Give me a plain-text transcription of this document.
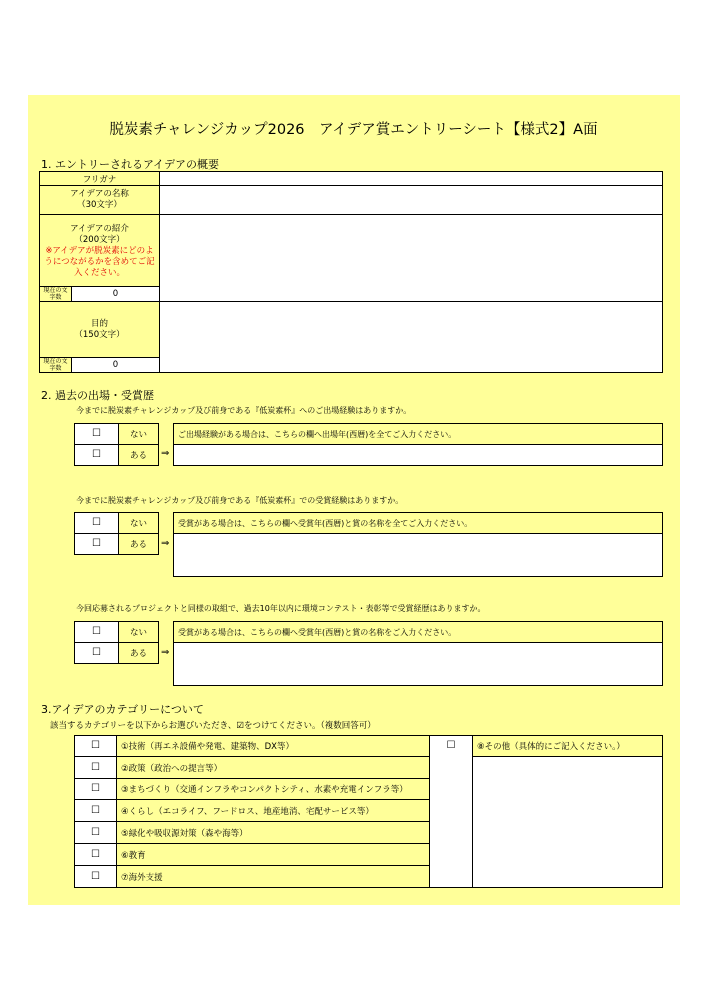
脱炭素チャレンジカップ2026　アイデア賞エントリーシート【様式2】A面
1. エントリーされるアイデアの概要
フリガナ
アイデアの名称
（30文字）
アイデアの紹介
（200文字）
※アイデアが脱炭素にどのようにつながるかを含めてご記入ください。
現在の文字数	0
目的
（150文字）
現在の文字数	0
2. 過去の出場・受賞歴
今までに脱炭素チャレンジカップ及び前身である『低炭素杯』へのご出場経験はありますか。
☐	ない
☐	ある	⇒
ご出場経験がある場合は、こちらの欄へ出場年(西暦)を全てご入力ください。
今までに脱炭素チャレンジカップ及び前身である『低炭素杯』での受賞経験はありますか。
☐	ない
☐	ある	⇒
受賞がある場合は、こちらの欄へ受賞年(西暦)と賞の名称を全てご入力ください。
今回応募されるプロジェクトと同様の取組で、過去10年以内に環境コンテスト・表彰等で受賞経歴はありますか。
☐	ない
☐	ある	⇒
受賞がある場合は、こちらの欄へ受賞年(西暦)と賞の名称をご入力ください。
3.アイデアのカテゴリーについて
該当するカテゴリーを以下からお選びいただき、☑をつけてください。（複数回答可）
☐	①技術（再エネ設備や発電、建築物、DX等）
☐	②政策（政治への提言等）
☐	③まちづくり（交通インフラやコンパクトシティ、水素や充電インフラ等）
☐	④くらし（エコライフ、フードロス、地産地消、宅配サービス等）
☐	⑤緑化や吸収源対策（森や海等）
☐	⑥教育
☐	⑦海外支援
☐	⑧その他（具体的にご記入ください。）
